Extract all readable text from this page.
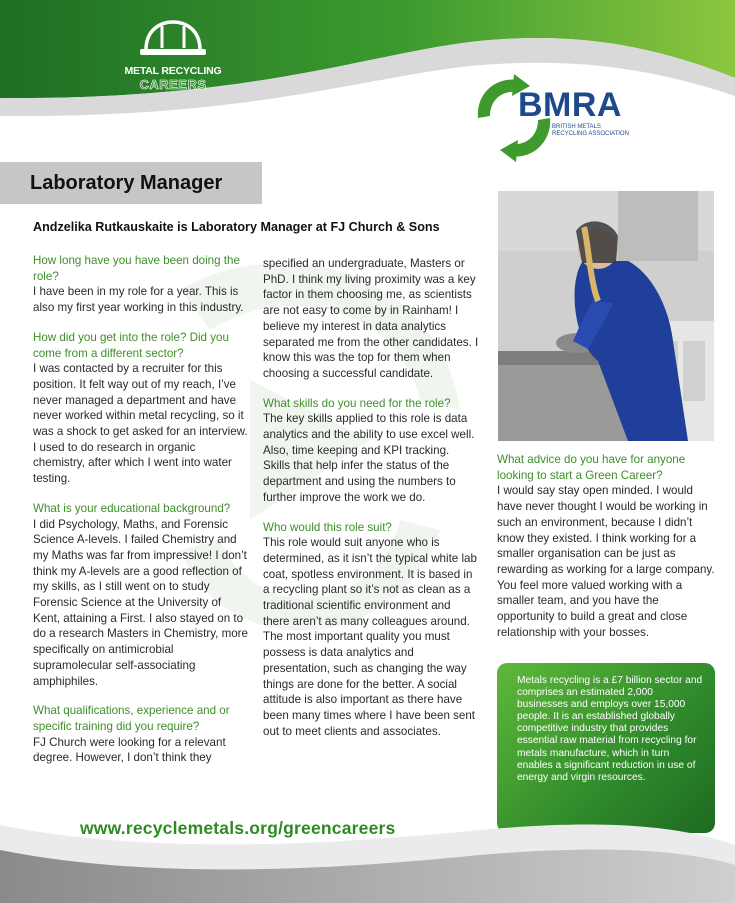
METAL RECYCLING
CAREERS
BMRA
BRITISH METALS RECYCLING ASSOCIATION
Laboratory Manager
Andzelika Rutkauskaite is Laboratory Manager at FJ Church & Sons

How long have you have been doing the role?

I have been in my role for a year. This is also my first year working in this industry.

How did you get into the role? Did you come from a different sector?

I was contacted by a recruiter for this position. It felt way out of my reach, I’ve never managed a department and have never worked within metal recycling, so it was a shock to get asked for an interview. I used to do research in organic chemistry, after which I went into water testing.

What is your educational background?

I did Psychology, Maths, and Forensic Science A-levels. I failed Chemistry and my Maths was far from impressive! I don’t think my A-levels are a good reflection of my skills, as I still went on to study Forensic Science at the University of Kent, attaining a First. I also stayed on to do a research Masters in Chemistry, more specifically on antimicrobial supramolecular self-associating amphiphiles.

What qualifications, experience and or specific training did you require?

FJ Church were looking for a relevant degree. However, I don’t think they

specified an undergraduate, Masters or PhD. I think my living proximity was a key factor in them choosing me, as scientists are not easy to come by in Rainham! I believe my interest in data analytics separated me from the other candidates. I know this was the top for them when choosing a successful candidate.

What skills do you need for the role?

The key skills applied to this role is data analytics and the ability to use excel well. Also, time keeping and KPI tracking. Skills that help infer the status of the department and using the numbers to further improve the work we do.

Who would this role suit?

This role would suit anyone who is determined, as it isn’t the typical white lab coat, spotless environment. It is based in a recycling plant so it’s not as clean as a traditional scientific environment and there aren’t as many colleagues around. The most important quality you must possess is data analytics and presentation, such as changing the way things are done for the better. A social attitude is also important as there have been many times where I have been sent out to meet clients and associates.

What advice do you have for anyone looking to start a Green Career?

I would say stay open minded. I would have never thought I would be working in such an environment, because I didn’t know they existed. I think working for a smaller organisation can be just as rewarding as working for a large company. You feel more valued working with a smaller team, and you have the opportunity to build a great and close relationship with your bosses.

Metals recycling is a £7 billion sector and comprises an estimated 2,000 businesses and employs over 15,000 people. It is an established globally competitive industry that provides essential raw material from recycling for metals manufacture, which in turn enables a significant reduction in use of energy and virgin resources.

www.recyclemetals.org/greencareers
